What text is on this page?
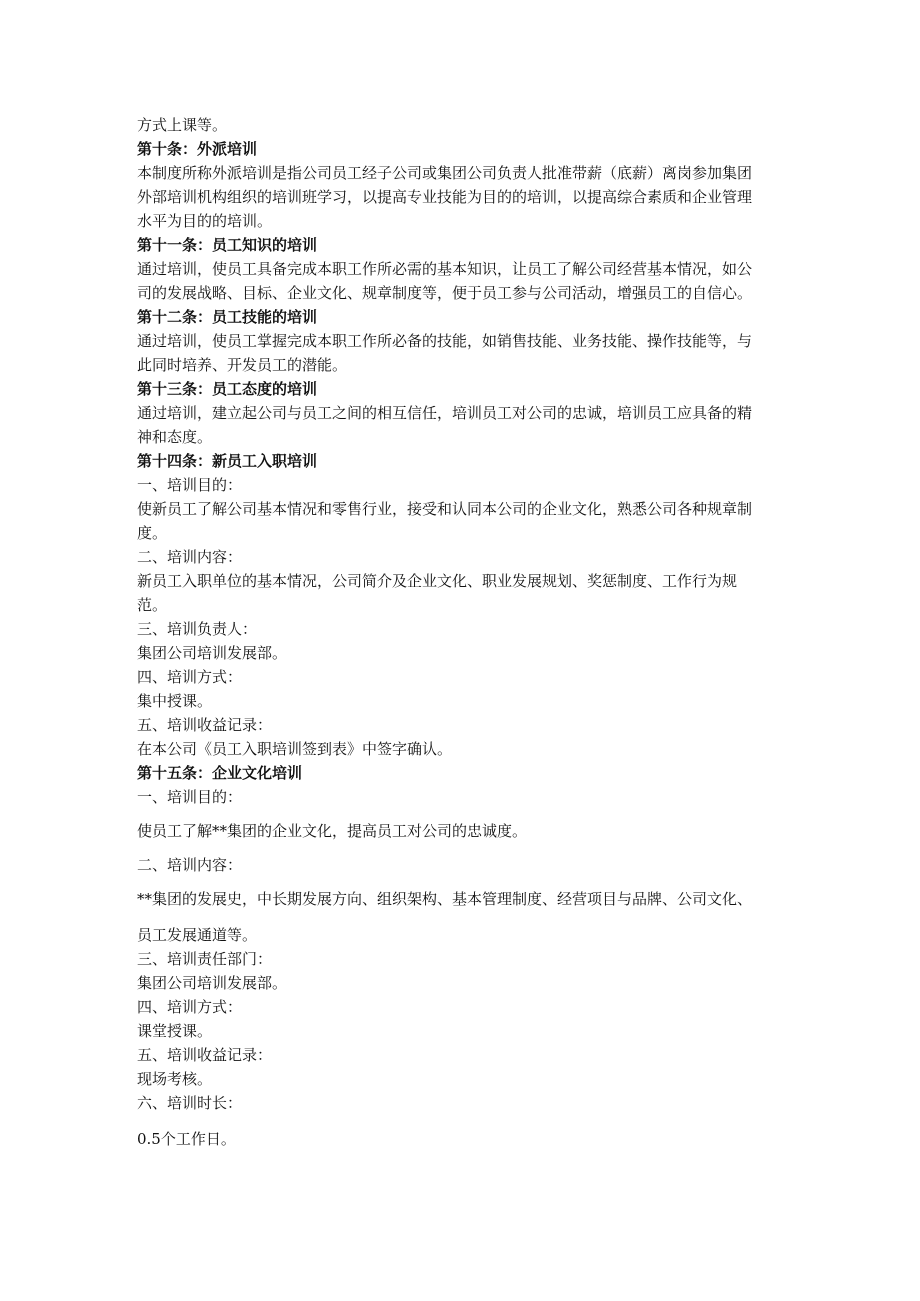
方式上课等。
第十条：外派培训
本制度所称外派培训是指公司员工经子公司或集团公司负责人批准带薪（底薪）离岗参加集团
外部培训机构组织的培训班学习，以提高专业技能为目的的培训，以提高综合素质和企业管理
水平为目的的培训。
第十一条：员工知识的培训
通过培训，使员工具备完成本职工作所必需的基本知识，让员工了解公司经营基本情况，如公
司的发展战略、目标、企业文化、规章制度等，便于员工参与公司活动，增强员工的自信心。
第十二条：员工技能的培训
通过培训，使员工掌握完成本职工作所必备的技能，如销售技能、业务技能、操作技能等，与
此同时培养、开发员工的潜能。
第十三条：员工态度的培训
通过培训，建立起公司与员工之间的相互信任，培训员工对公司的忠诚，培训员工应具备的精
神和态度。
第十四条：新员工入职培训
一、培训目的：
使新员工了解公司基本情况和零售行业，接受和认同本公司的企业文化，熟悉公司各种规章制
度。
二、培训内容：
新员工入职单位的基本情况，公司简介及企业文化、职业发展规划、奖惩制度、工作行为规
范。
三、培训负责人：
集团公司培训发展部。
四、培训方式：
集中授课。
五、培训收益记录：
在本公司《员工入职培训签到表》中签字确认。
第十五条：企业文化培训
一、培训目的：
使员工了解**集团的企业文化，提高员工对公司的忠诚度。
二、培训内容：
**集团的发展史，中长期发展方向、组织架构、基本管理制度、经营项目与品牌、公司文化、
员工发展通道等。
三、培训责任部门：
集团公司培训发展部。
四、培训方式：
课堂授课。
五、培训收益记录：
现场考核。
六、培训时长：
0.5个工作日。
